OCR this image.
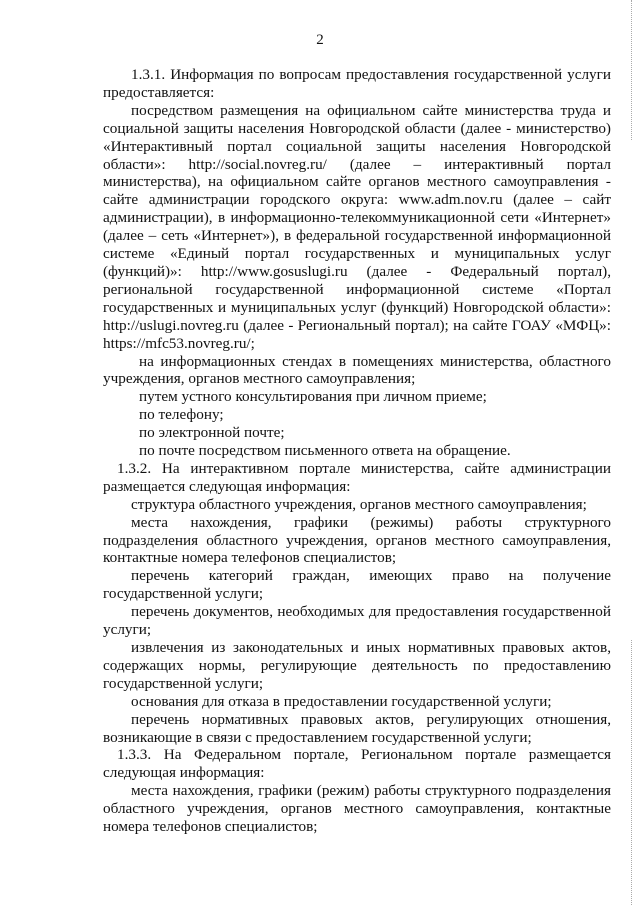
2

1.3.1. Информация по вопросам предоставления государственной услуги предоставляется:

посредством размещения на официальном сайте министерства труда и социальной защиты населения Новгородской области (далее - министерство) «Интерактивный портал социальной защиты населения Новгородской области»: http://social.novreg.ru/ (далее – интерактивный портал министерства), на официальном сайте органов местного самоуправления - сайте администрации городского округа: www.adm.nov.ru (далее – сайт администрации), в информационно-телекоммуникационной сети «Интернет» (далее – сеть «Интернет»), в федеральной государственной информационной системе «Единый портал государственных и муниципальных услуг (функций)»: http://www.gosuslugi.ru (далее - Федеральный портал), региональной государственной информационной системе «Портал государственных и муниципальных услуг (функций) Новгородской области»: http://uslugi.novreg.ru (далее - Региональный портал); на сайте ГОАУ «МФЦ»: https://mfc53.novreg.ru/;

на информационных стендах в помещениях министерства, областного учреждения, органов местного самоуправления;

путем устного консультирования при личном приеме;

по телефону;

по электронной почте;

по почте посредством письменного ответа на обращение.

1.3.2. На интерактивном портале министерства, сайте администрации размещается следующая информация:

структура областного учреждения, органов местного самоуправления;

места нахождения, графики (режимы) работы структурного подразделения областного учреждения, органов местного самоуправления, контактные номера телефонов специалистов;

перечень категорий граждан, имеющих право на получение государственной услуги;

перечень документов, необходимых для предоставления государственной услуги;

извлечения из законодательных и иных нормативных правовых актов, содержащих нормы, регулирующие деятельность по предоставлению государственной услуги;

основания для отказа в предоставлении государственной услуги;

перечень нормативных правовых актов, регулирующих отношения, возникающие в связи с предоставлением государственной услуги;

1.3.3. На Федеральном портале, Региональном портале размещается следующая информация:

места нахождения, графики (режим) работы структурного подразделения областного учреждения, органов местного самоуправления, контактные номера телефонов специалистов;
